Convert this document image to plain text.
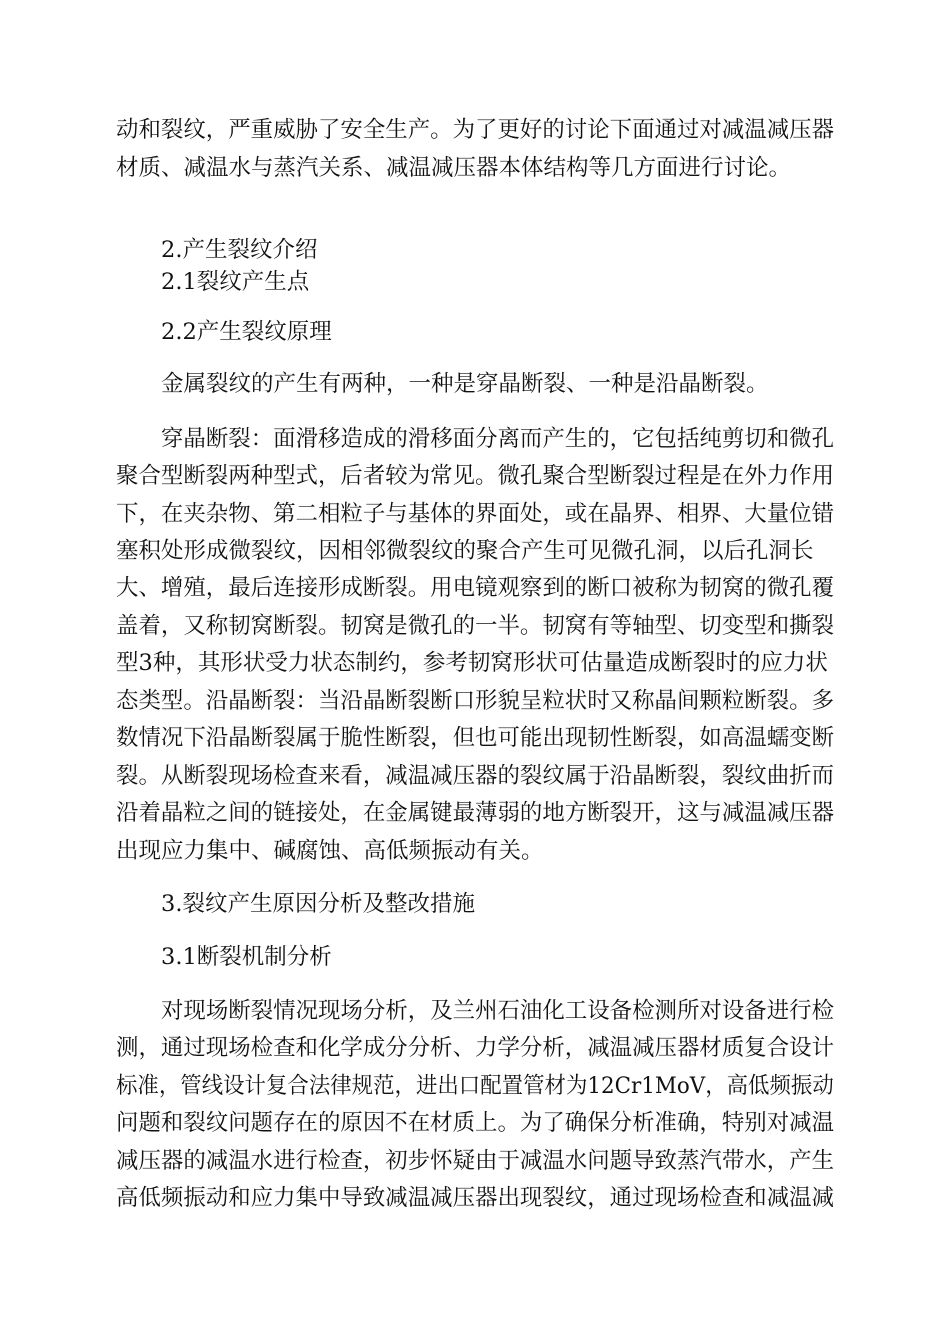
动和裂纹，严重威胁了安全生产。为了更好的讨论下面通过对减温减压器
材质、减温水与蒸汽关系、减温减压器本体结构等几方面进行讨论。
2.产生裂纹介绍
2.1裂纹产生点
2.2产生裂纹原理
金属裂纹的产生有两种，一种是穿晶断裂、一种是沿晶断裂。
穿晶断裂：面滑移造成的滑移面分离而产生的，它包括纯剪切和微孔
聚合型断裂两种型式，后者较为常见。微孔聚合型断裂过程是在外力作用
下，在夹杂物、第二相粒子与基体的界面处，或在晶界、相界、大量位错
塞积处形成微裂纹，因相邻微裂纹的聚合产生可见微孔洞，以后孔洞长
大、增殖，最后连接形成断裂。用电镜观察到的断口被称为韧窝的微孔覆
盖着，又称韧窝断裂。韧窝是微孔的一半。韧窝有等轴型、切变型和撕裂
型3种，其形状受力状态制约，参考韧窝形状可估量造成断裂时的应力状
态类型。沿晶断裂：当沿晶断裂断口形貌呈粒状时又称晶间颗粒断裂。多
数情况下沿晶断裂属于脆性断裂，但也可能出现韧性断裂，如高温蠕变断
裂。从断裂现场检查来看，减温减压器的裂纹属于沿晶断裂，裂纹曲折而
沿着晶粒之间的链接处，在金属键最薄弱的地方断裂开，这与减温减压器
出现应力集中、碱腐蚀、高低频振动有关。
3.裂纹产生原因分析及整改措施
3.1断裂机制分析
对现场断裂情况现场分析，及兰州石油化工设备检测所对设备进行检
测，通过现场检查和化学成分分析、力学分析，减温减压器材质复合设计
标准，管线设计复合法律规范，进出口配置管材为12Cr1MoV，高低频振动
问题和裂纹问题存在的原因不在材质上。为了确保分析准确，特别对减温
减压器的减温水进行检查，初步怀疑由于减温水问题导致蒸汽带水，产生
高低频振动和应力集中导致减温减压器出现裂纹，通过现场检查和减温减
